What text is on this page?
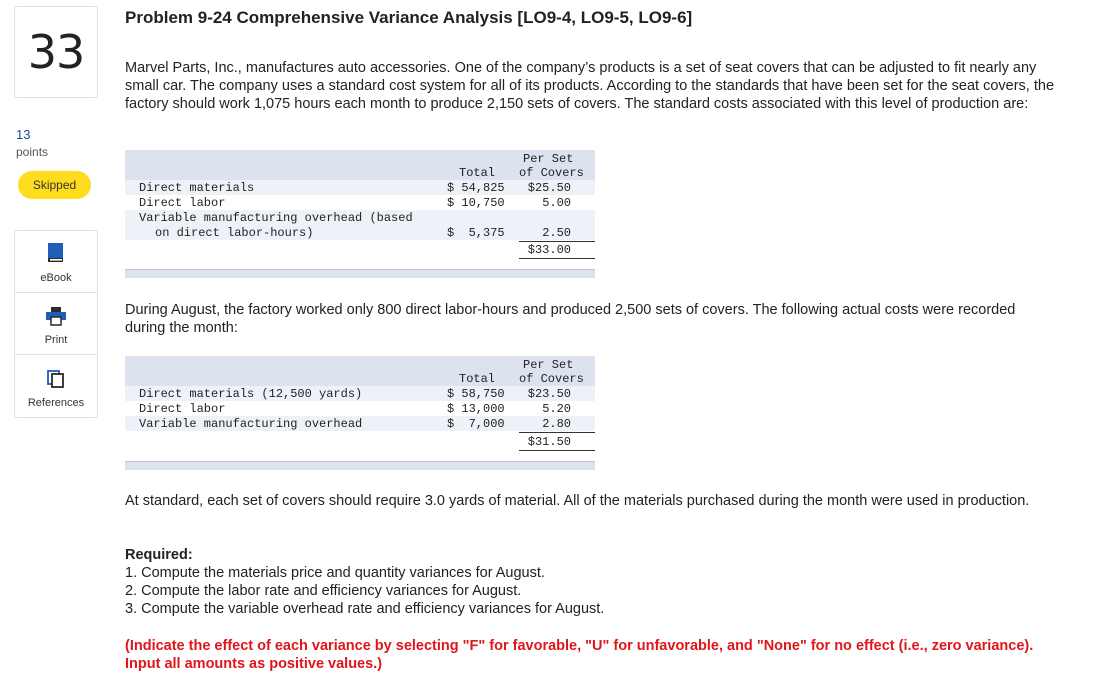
33
13
points
Skipped
eBook
Print
References
Problem 9-24 Comprehensive Variance Analysis [LO9-4, LO9-5, LO9-6]

Marvel Parts, Inc., manufactures auto accessories. One of the company’s products is a set of seat covers that can be adjusted to fit nearly any small car. The company uses a standard cost system for all of its products. According to the standards that have been set for the seat covers, the factory should work 1,075 hours each month to produce 2,150 sets of covers. The standard costs associated with this level of production are:

Per Set
Total of Covers
Direct materials	$ 54,825	$25.50
Direct labor	$ 10,750	5.00
Variable manufacturing overhead (based
on direct labor-hours)	$  5,375	2.50
$33.00

During August, the factory worked only 800 direct labor-hours and produced 2,500 sets of covers. The following actual costs were recorded during the month:

Per Set
Total of Covers
Direct materials (12,500 yards)	$ 58,750	$23.50
Direct labor	$ 13,000	5.20
Variable manufacturing overhead	$  7,000	2.80
$31.50

At standard, each set of covers should require 3.0 yards of material. All of the materials purchased during the month were used in production.

Required:
1. Compute the materials price and quantity variances for August.
2. Compute the labor rate and efficiency variances for August.
3. Compute the variable overhead rate and efficiency variances for August.
(Indicate the effect of each variance by selecting "F" for favorable, "U" for unfavorable, and "None" for no effect (i.e., zero variance). Input all amounts as positive values.)
